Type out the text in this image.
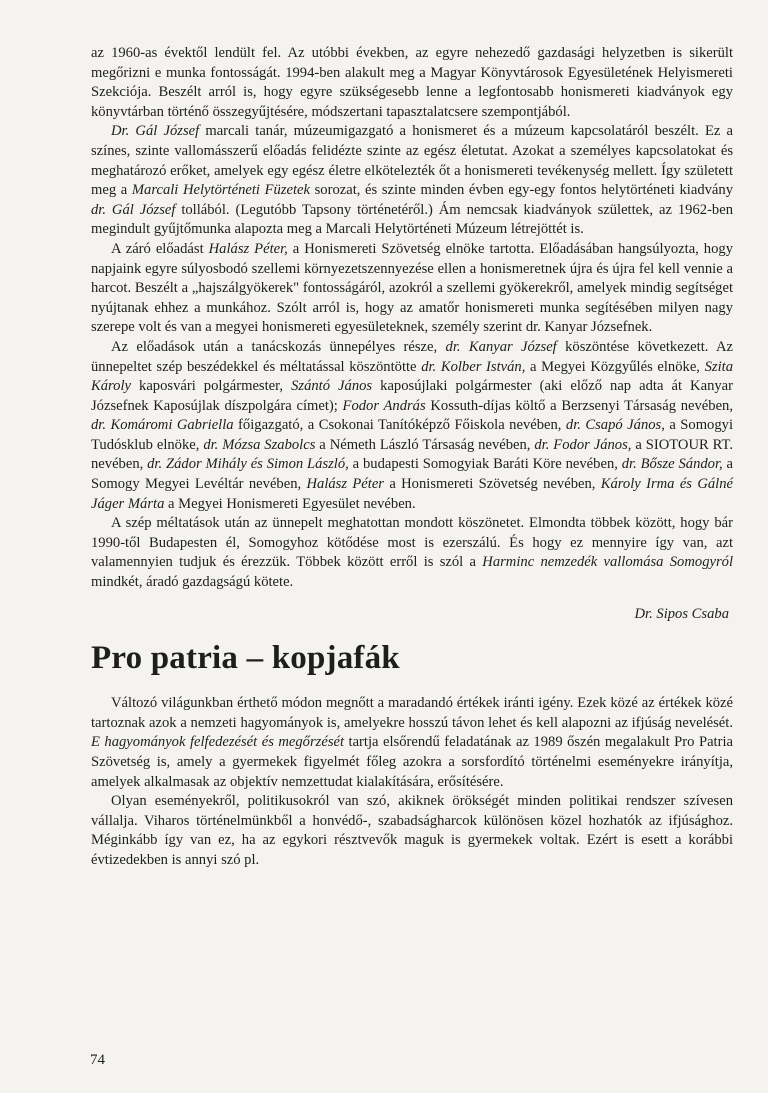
az 1960-as évektől lendült fel. Az utóbbi években, az egyre nehezedő gazdasági helyzetben is sikerült megőrizni e munka fontosságát. 1994-ben alakult meg a Magyar Könyvtárosok Egyesületének Helyismereti Szekciója. Beszélt arról is, hogy egyre szükségesebb lenne a legfontosabb honismereti kiadványok egy könyvtárban történő összegyűjtésére, módszertani tapasztalatcsere szempontjából.

Dr. Gál József marcali tanár, múzeumigazgató a honismeret és a múzeum kapcsolatáról beszélt. Ez a színes, szinte vallomásszerű előadás felidézte szinte az egész életutat. Azokat a személyes kapcsolatokat és meghatározó erőket, amelyek egy egész életre elkötelezték őt a honismereti tevékenység mellett. Így született meg a Marcali Helytörténeti Füzetek sorozat, és szinte minden évben egy-egy fontos helytörténeti kiadvány dr. Gál József tollából. (Legutóbb Tapsony történetéről.) Ám nemcsak kiadványok születtek, az 1962-ben megindult gyűjtőmunka alapozta meg a Marcali Helytörténeti Múzeum létrejöttét is.

A záró előadást Halász Péter, a Honismereti Szövetség elnöke tartotta. Előadásában hangsúlyozta, hogy napjaink egyre súlyosbodó szellemi környezetszennyezése ellen a honismeretnek újra és újra fel kell vennie a harcot. Beszélt a „hajszálgyökerek" fontosságáról, azokról a szellemi gyökerekről, amelyek mindig segítséget nyújtanak ehhez a munkához. Szólt arról is, hogy az amatőr honismereti munka segítésében milyen nagy szerepe volt és van a megyei honismereti egyesületeknek, személy szerint dr. Kanyar Józsefnek.

Az előadások után a tanácskozás ünnepélyes része, dr. Kanyar József köszöntése következett. Az ünnepeltet szép beszédekkel és méltatással köszöntötte dr. Kolber István, a Megyei Közgyűlés elnöke, Szita Károly kaposvári polgármester, Szántó János kaposújlaki polgármester (aki előző nap adta át Kanyar Józsefnek Kaposújlak díszpolgára címet); Fodor András Kossuth-díjas költő a Berzsenyi Társaság nevében, dr. Komáromi Gabriella főigazgató, a Csokonai Tanítóképző Főiskola nevében, dr. Csapó János, a Somogyi Tudósklub elnöke, dr. Mózsa Szabolcs a Németh László Társaság nevében, dr. Fodor János, a SIOTOUR RT. nevében, dr. Zádor Mihály és Simon László, a budapesti Somogyiak Baráti Köre nevében, dr. Bősze Sándor, a Somogy Megyei Levéltár nevében, Halász Péter a Honismereti Szövetség nevében, Károly Irma és Gálné Jáger Márta a Megyei Honismereti Egyesület nevében.

A szép méltatások után az ünnepelt meghatottan mondott köszönetet. Elmondta többek között, hogy bár 1990-től Budapesten él, Somogyhoz kötődése most is ezerszálú. És hogy ez mennyire így van, azt valamennyien tudjuk és érezzük. Többek között erről is szól a Harminc nemzedék vallomása Somogyról mindkét, áradó gazdagságú kötete.

Dr. Sipos Csaba

Pro patria – kopjafák

Változó világunkban érthető módon megnőtt a maradandó értékek iránti igény. Ezek közé az értékek közé tartoznak azok a nemzeti hagyományok is, amelyekre hosszú távon lehet és kell alapozni az ifjúság nevelését. E hagyományok felfedezését és megőrzését tartja elsőrendű feladatának az 1989 őszén megalakult Pro Patria Szövetség is, amely a gyermekek figyelmét főleg azokra a sorsfordító történelmi eseményekre irányítja, amelyek alkalmasak az objektív nemzettudat kialakítására, erősítésére.

Olyan eseményekről, politikusokról van szó, akiknek örökségét minden politikai rendszer szívesen vállalja. Viharos történelmünkből a honvédő-, szabadságharcok különösen közel hozhatók az ifjúsághoz. Méginkább így van ez, ha az egykori résztvevők maguk is gyermekek voltak. Ezért is esett a korábbi évtizedekben is annyi szó pl.

74
